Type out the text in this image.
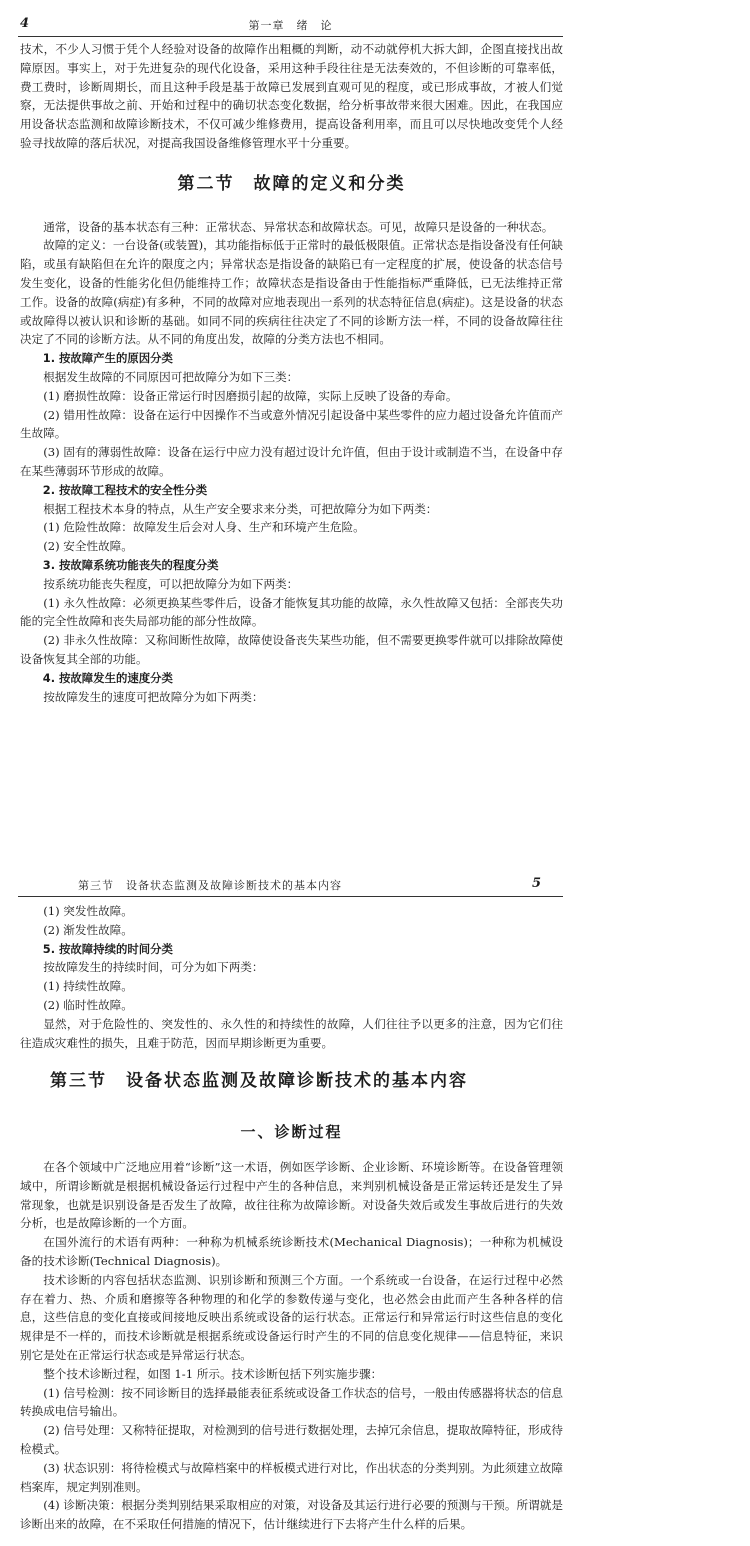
4	第一章　绪　论

技术，不少人习惯于凭个人经验对设备的故障作出粗概的判断，动不动就停机大拆大卸，企图直接找出故障原因。事实上，对于先进复杂的现代化设备，采用这种手段往往是无法奏效的，不但诊断的可靠率低，费工费时，诊断周期长，而且这种手段是基于故障已发展到直观可见的程度，或已形成事故，才被人们觉察，无法提供事故之前、开始和过程中的确切状态变化数据，给分析事故带来很大困难。因此，在我国应用设备状态监测和故障诊断技术，不仅可减少维修费用，提高设备利用率，而且可以尽快地改变凭个人经验寻找故障的落后状况，对提高我国设备维修管理水平十分重要。

第二节　故障的定义和分类

通常，设备的基本状态有三种：正常状态、异常状态和故障状态。可见，故障只是设备的一种状态。

故障的定义：一台设备(或装置)，其功能指标低于正常时的最低极限值。正常状态是指设备没有任何缺陷，或虽有缺陷但在允许的限度之内；异常状态是指设备的缺陷已有一定程度的扩展，使设备的状态信号发生变化，设备的性能劣化但仍能维持工作；故障状态是指设备由于性能指标严重降低，已无法维持正常工作。设备的故障(病症)有多种，不同的故障对应地表现出一系列的状态特征信息(病症)。这是设备的状态或故障得以被认识和诊断的基础。如同不同的疾病往往决定了不同的诊断方法一样，不同的设备故障往往决定了不同的诊断方法。从不同的角度出发，故障的分类方法也不相同。

1. 按故障产生的原因分类

根据发生故障的不同原因可把故障分为如下三类：

(1) 磨损性故障：设备正常运行时因磨损引起的故障，实际上反映了设备的寿命。

(2) 错用性故障：设备在运行中因操作不当或意外情况引起设备中某些零件的应力超过设备允许值而产生故障。

(3) 固有的薄弱性故障：设备在运行中应力没有超过设计允许值，但由于设计或制造不当，在设备中存在某些薄弱环节形成的故障。

2. 按故障工程技术的安全性分类

根据工程技术本身的特点，从生产安全要求来分类，可把故障分为如下两类：

(1) 危险性故障：故障发生后会对人身、生产和环境产生危险。

(2) 安全性故障。

3. 按故障系统功能丧失的程度分类

按系统功能丧失程度，可以把故障分为如下两类：

(1) 永久性故障：必须更换某些零件后，设备才能恢复其功能的故障，永久性故障又包括：全部丧失功能的完全性故障和丧失局部功能的部分性故障。

(2) 非永久性故障：又称间断性故障，故障使设备丧失某些功能，但不需要更换零件就可以排除故障使设备恢复其全部的功能。

4. 按故障发生的速度分类

按故障发生的速度可把故障分为如下两类：

第三节　设备状态监测及故障诊断技术的基本内容	5

(1) 突发性故障。

(2) 渐发性故障。

5. 按故障持续的时间分类

按故障发生的持续时间，可分为如下两类：

(1) 持续性故障。

(2) 临时性故障。

显然，对于危险性的、突发性的、永久性的和持续性的故障，人们往往予以更多的注意，因为它们往往造成灾难性的损失，且难于防范，因而早期诊断更为重要。

第三节　设备状态监测及故障诊断技术的基本内容
一、诊断过程

在各个领域中广泛地应用着“诊断”这一术语，例如医学诊断、企业诊断、环境诊断等。在设备管理领域中，所谓诊断就是根据机械设备运行过程中产生的各种信息，来判别机械设备是正常运转还是发生了异常现象，也就是识别设备是否发生了故障，故往往称为故障诊断。对设备失效后或发生事故后进行的失效分析，也是故障诊断的一个方面。

在国外流行的术语有两种：一种称为机械系统诊断技术(Mechanical Diagnosis)；一种称为机械设备的技术诊断(Technical Diagnosis)。

技术诊断的内容包括状态监测、识别诊断和预测三个方面。一个系统或一台设备，在运行过程中必然存在着力、热、介质和磨擦等各种物理的和化学的参数传递与变化，也必然会由此而产生各种各样的信息，这些信息的变化直接或间接地反映出系统或设备的运行状态。正常运行和异常运行时这些信息的变化规律是不一样的，而技术诊断就是根据系统或设备运行时产生的不同的信息变化规律——信息特征，来识别它是处在正常运行状态或是异常运行状态。

整个技术诊断过程，如图 1-1 所示。技术诊断包括下列实施步骤：

(1) 信号检测：按不同诊断目的选择最能表征系统或设备工作状态的信号，一般由传感器将状态的信息转换成电信号输出。

(2) 信号处理：又称特征提取，对检测到的信号进行数据处理，去掉冗余信息，提取故障特征，形成待检模式。

(3) 状态识别：将待检模式与故障档案中的样板模式进行对比，作出状态的分类判别。为此须建立故障档案库，规定判别准则。

(4) 诊断决策：根据分类判别结果采取相应的对策，对设备及其运行进行必要的预测与干预。所谓就是诊断出来的故障，在不采取任何措施的情况下，估计继续进行下去将产生什么样的后果。
